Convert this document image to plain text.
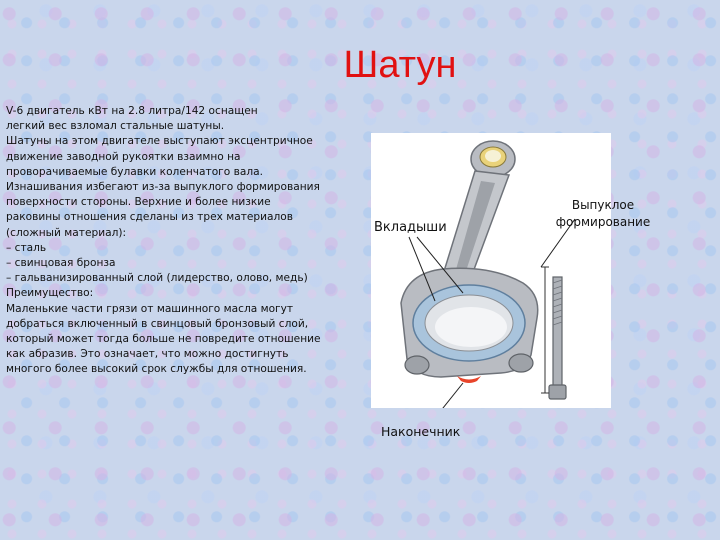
Шатун
V-6 двигатель кВт на 2.8 литра/142 оснащен
легкий вес взломал стальные шатуны.
Шатуны на этом двигателе выступают эксцентричное
движение заводной рукоятки взаимно на
проворачиваемые булавки коленчатого вала.
Изнашивания избегают из-за выпуклого формирования
поверхности стороны. Верхние и более низкие
раковины отношения сделаны из трех материалов
(сложный материал):
– сталь
– свинцовая бронза
– гальванизированный слой (лидерство, олово, медь)
Преимущество:
Маленькие части грязи от машинного масла могут
добраться включенный в свинцовый бронзовый слой,
который может тогда больше не повредите отношение
как абразив. Это означает, что можно достигнуть
многого более высокий срок службы для отношения.
Вкладыши
Выпуклое
формирование
Наконечник
